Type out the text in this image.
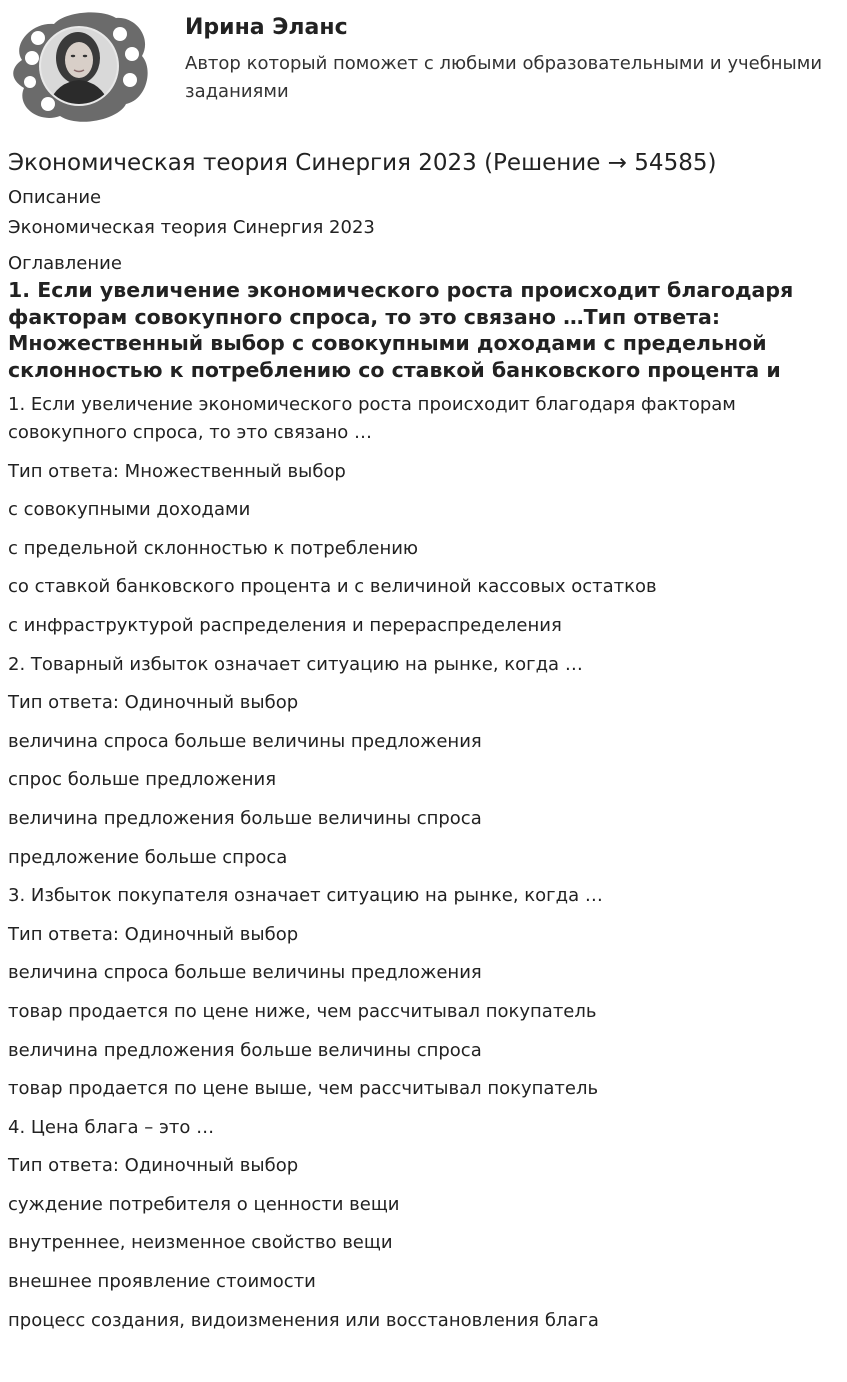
Ирина Эланс
Автор который поможет с любыми образовательными и учебными заданиями
Экономическая теория Синергия 2023 (Решение → 54585)
Описание
Экономическая теория Синергия 2023
Оглавление
1. Если увеличение экономического роста происходит благодаря факторам совокупного спроса, то это связано …Тип ответа: Множественный выбор с совокупными доходами с предельной склонностью к потреблению со ставкой банковского процента и
1. Если увеличение экономического роста происходит благодаря факторам совокупного спроса, то это связано …
Тип ответа: Множественный выбор
с совокупными доходами
с предельной склонностью к потреблению
со ставкой банковского процента и с величиной кассовых остатков
с инфраструктурой распределения и перераспределения
2. Товарный избыток означает ситуацию на рынке, когда …
Тип ответа: Одиночный выбор
величина спроса больше величины предложения
спрос больше предложения
величина предложения больше величины спроса
предложение больше спроса
3. Избыток покупателя означает ситуацию на рынке, когда …
Тип ответа: Одиночный выбор
величина спроса больше величины предложения
товар продается по цене ниже, чем рассчитывал покупатель
величина предложения больше величины спроса
товар продается по цене выше, чем рассчитывал покупатель
4. Цена блага – это …
Тип ответа: Одиночный выбор
суждение потребителя о ценности вещи
внутреннее, неизменное свойство вещи
внешнее проявление стоимости
процесс создания, видоизменения или восстановления блага
